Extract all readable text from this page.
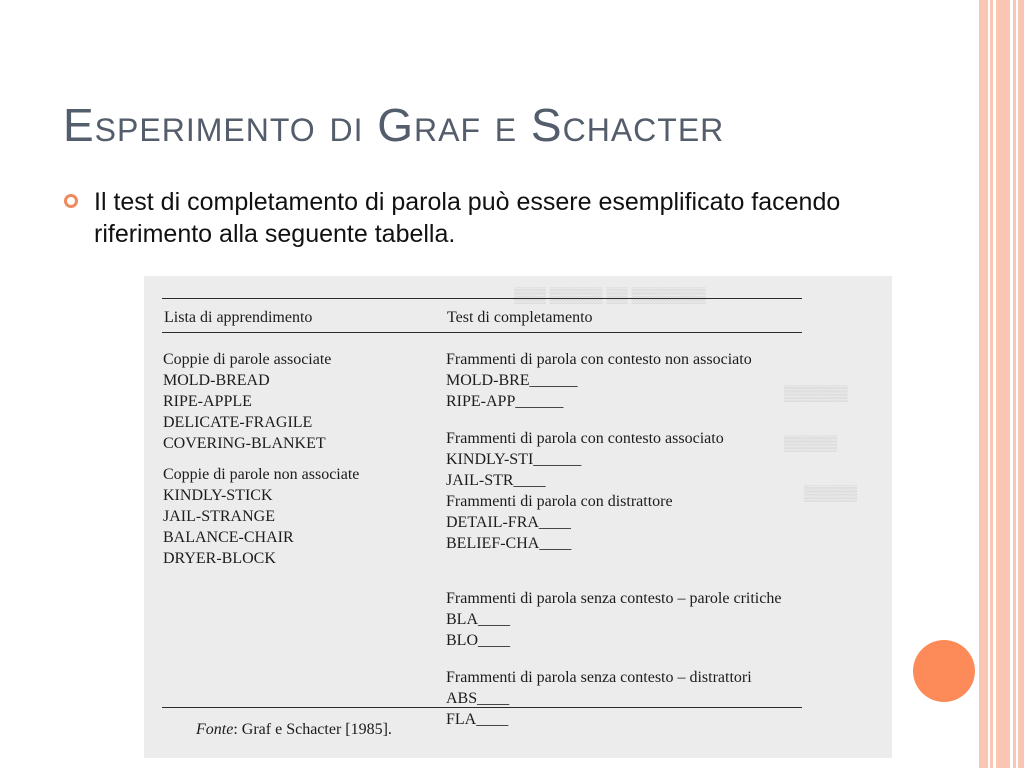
Esperimento di Graf e Schacter

Il test di completamento di parola può essere esemplificato facendo riferimento alla seguente tabella.

▒▒▒ ▒▒▒▒▒ ▒▒ ▒▒▒▒▒▒▒
▒▒▒▒▒▒
▒▒▒▒▒
▒▒▒▒▒
Lista di apprendimento	Test di completamento

Coppie di parole associate

MOLD-BREAD

RIPE-APPLE

DELICATE-FRAGILE

COVERING-BLANKET

Coppie di parole non associate

KINDLY-STICK

JAIL-STRANGE

BALANCE-CHAIR

DRYER-BLOCK

Frammenti di parola con contesto non associato

MOLD-BRE______

RIPE-APP______

Frammenti di parola con contesto associato

KINDLY-STI______

JAIL-STR____

Frammenti di parola con distrattore

DETAIL-FRA____

BELIEF-CHA____

Frammenti di parola senza contesto – parole critiche

BLA____

BLO____

Frammenti di parola senza contesto – distrattori

ABS____

FLA____

Fonte: Graf e Schacter [1985].
